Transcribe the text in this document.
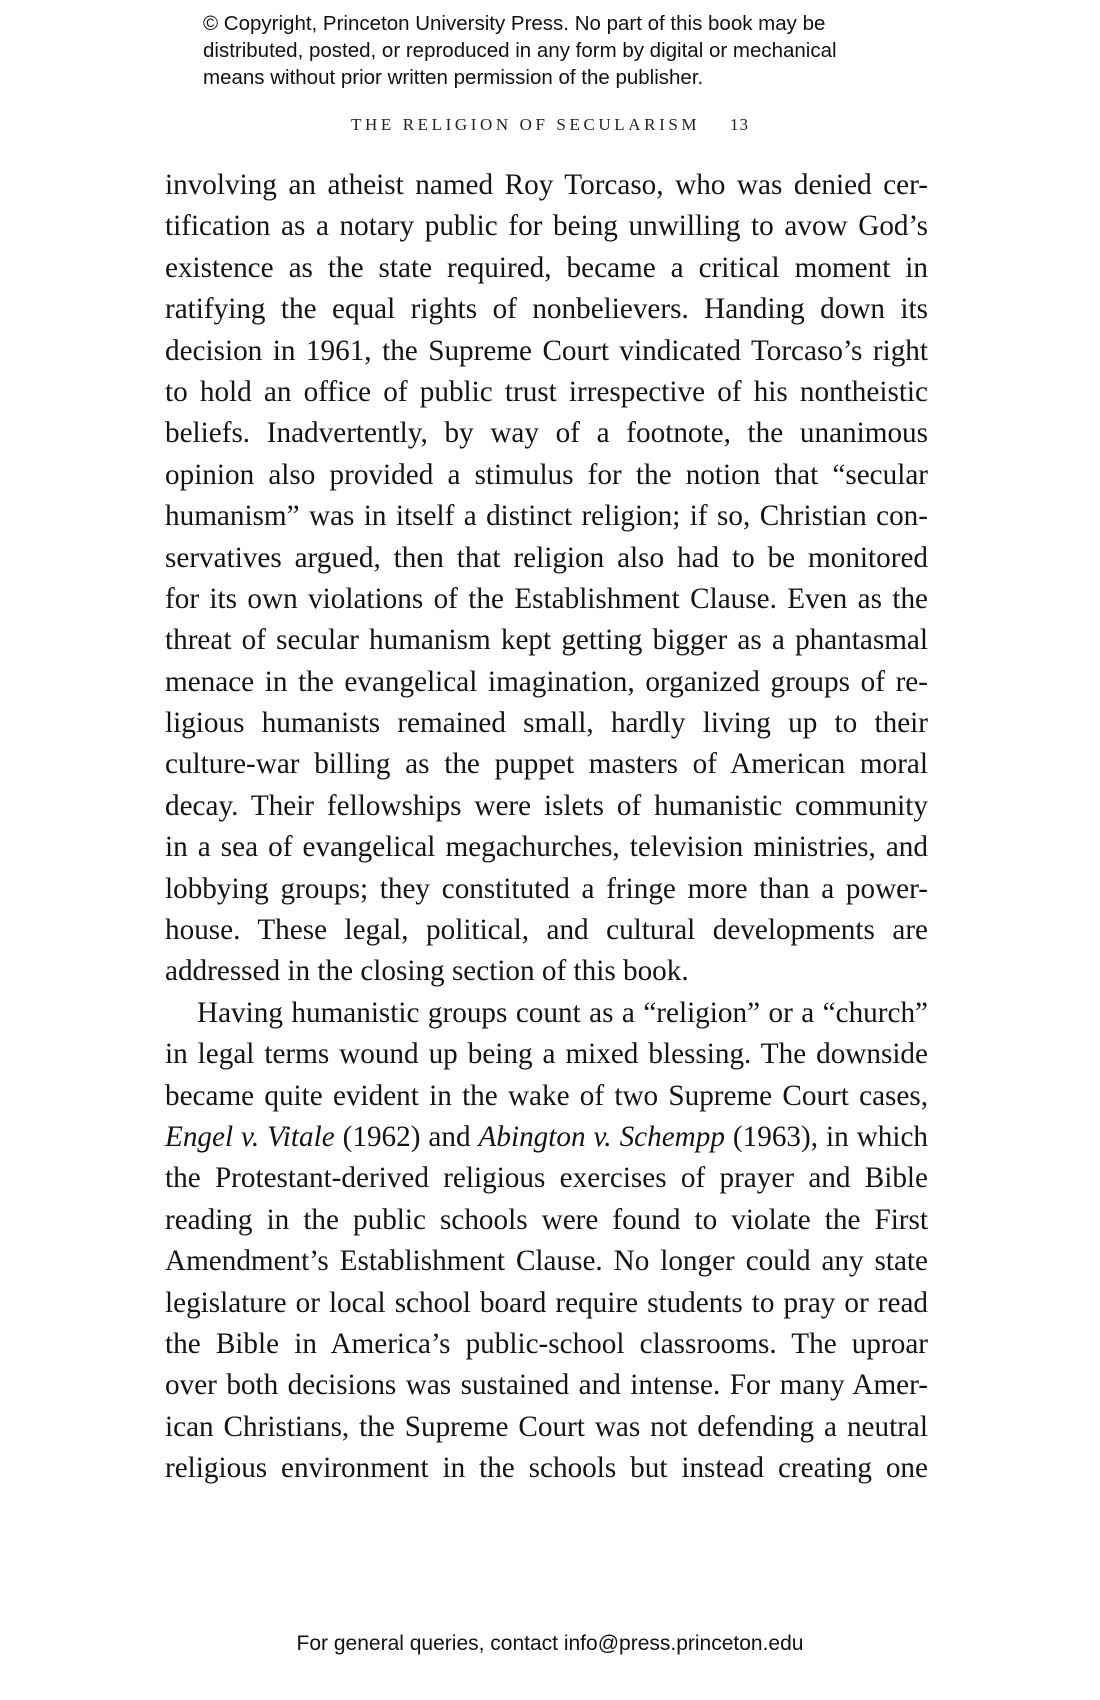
© Copyright, Princeton University Press. No part of this book may be
distributed, posted, or reproduced in any form by digital or mechanical
means without prior written permission of the publisher.
THE RELIGION OF SECULARISM 13
involving an atheist named Roy Torcaso, who was denied cer-
tification as a notary public for being unwilling to avow God’s
existence as the state required, became a critical moment in
ratifying the equal rights of nonbelievers. Handing down its
decision in 1961, the Supreme Court vindicated Torcaso’s right
to hold an office of public trust irrespective of his nontheistic
beliefs. Inadvertently, by way of a footnote, the unanimous
opinion also provided a stimulus for the notion that “secular
humanism” was in itself a distinct religion; if so, Christian con-
servatives argued, then that religion also had to be monitored
for its own violations of the Establishment Clause. Even as the
threat of secular humanism kept getting bigger as a phantasmal
menace in the evangelical imagination, organized groups of re-
ligious humanists remained small, hardly living up to their
culture-war billing as the puppet masters of American moral
decay. Their fellowships were islets of humanistic community
in a sea of evangelical megachurches, television ministries, and
lobbying groups; they constituted a fringe more than a power-
house. These legal, political, and cultural developments are
addressed in the closing section of this book.
Having humanistic groups count as a “religion” or a “church”
in legal terms wound up being a mixed blessing. The downside
became quite evident in the wake of two Supreme Court cases,
Engel v. Vitale (1962) and Abington v. Schempp (1963), in which
the Protestant-derived religious exercises of prayer and Bible
reading in the public schools were found to violate the First
Amendment’s Establishment Clause. No longer could any state
legislature or local school board require students to pray or read
the Bible in America’s public-school classrooms. The uproar
over both decisions was sustained and intense. For many Amer-
ican Christians, the Supreme Court was not defending a neutral
religious environment in the schools but instead creating one
For general queries, contact info@press.princeton.edu
